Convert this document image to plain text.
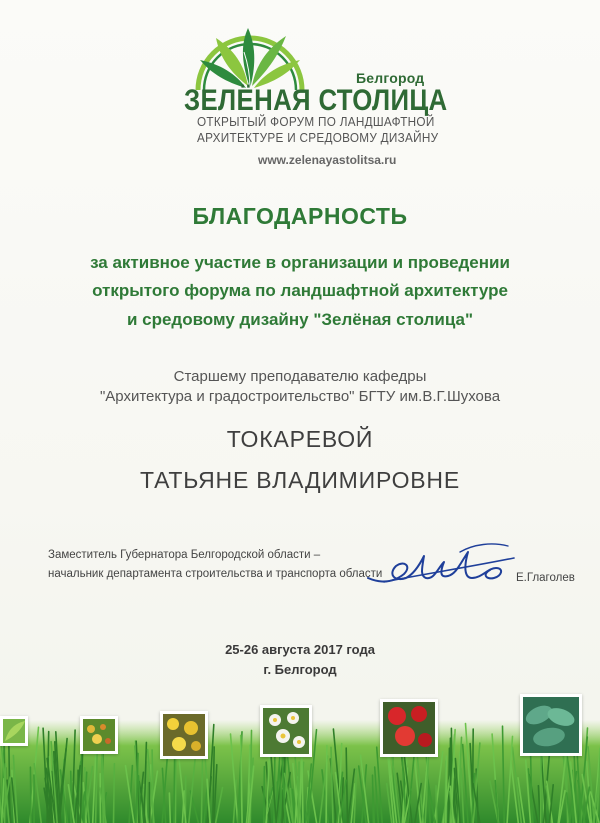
Белгород
ЗЕЛЁНАЯ СТОЛИЦА
ОТКРЫТЫЙ ФОРУМ ПО ЛАНДШАФТНОЙ
АРХИТЕКТУРЕ И СРЕДОВОМУ ДИЗАЙНУ
www.zelenayastolitsa.ru
БЛАГОДАРНОСТЬ
за активное участие в организации и проведении
открытого форума по ландшафтной архитектуре
и средовому дизайну "Зелёная столица"
Старшему преподавателю кафедры
"Архитектура и градостроительство" БГТУ им.В.Г.Шухова
ТОКАРЕВОЙ
ТАТЬЯНЕ ВЛАДИМИРОВНЕ
Заместитель Губернатора Белгородской области –
начальник департамента строительства и транспорта области	Е.Глаголев
25-26 августа 2017 года
г. Белгород
